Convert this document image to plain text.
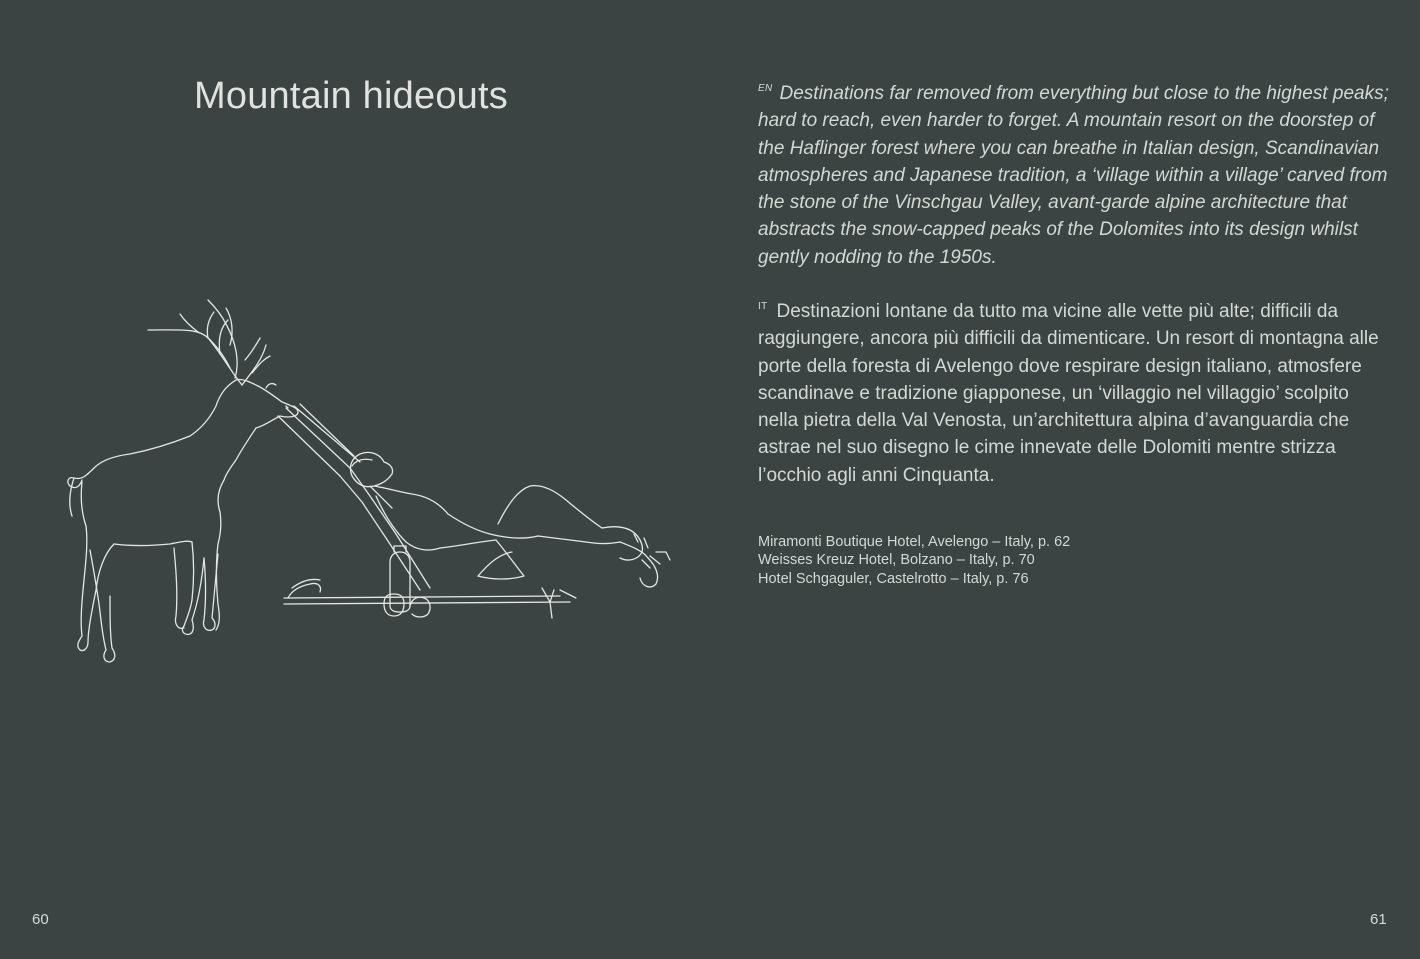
Mountain hideouts	$^{EN}$ Destinations far removed from everything but close to the highest peaks; hard to reach, even harder to forget. A mountain resort on the doorstep of the Haflinger forest where you can breathe in Italian design, Scandinavian atmospheres and Japanese tradition, a ‘village within a village’ carved from the stone of the Vinschgau Valley, avant-garde alpine architecture that abstracts the snow-capped peaks of the Dolomites into its design whilst gently nodding to the 1950s.

$^{IT}$ Destinazioni lontane da tutto ma vicine alle vette più alte; difficili da raggiungere, ancora più difficili da dimenticare. Un resort di montagna alle porte della foresta di Avelengo dove respirare design italiano, atmosfere scandinave e tradizione giapponese, un ‘villaggio nel villaggio’ scolpito nella pietra della Val Venosta, un’architettura alpina d’avanguardia che astrae nel suo disegno le cime innevate delle Dolomiti mentre strizza l’occhio agli anni Cinquanta.

Miramonti Boutique Hotel, Avelengo – Italy, p. 62
Weisses Kreuz Hotel, Bolzano – Italy, p. 70
Hotel Schgaguler, Castelrotto – Italy, p. 76
60	61
